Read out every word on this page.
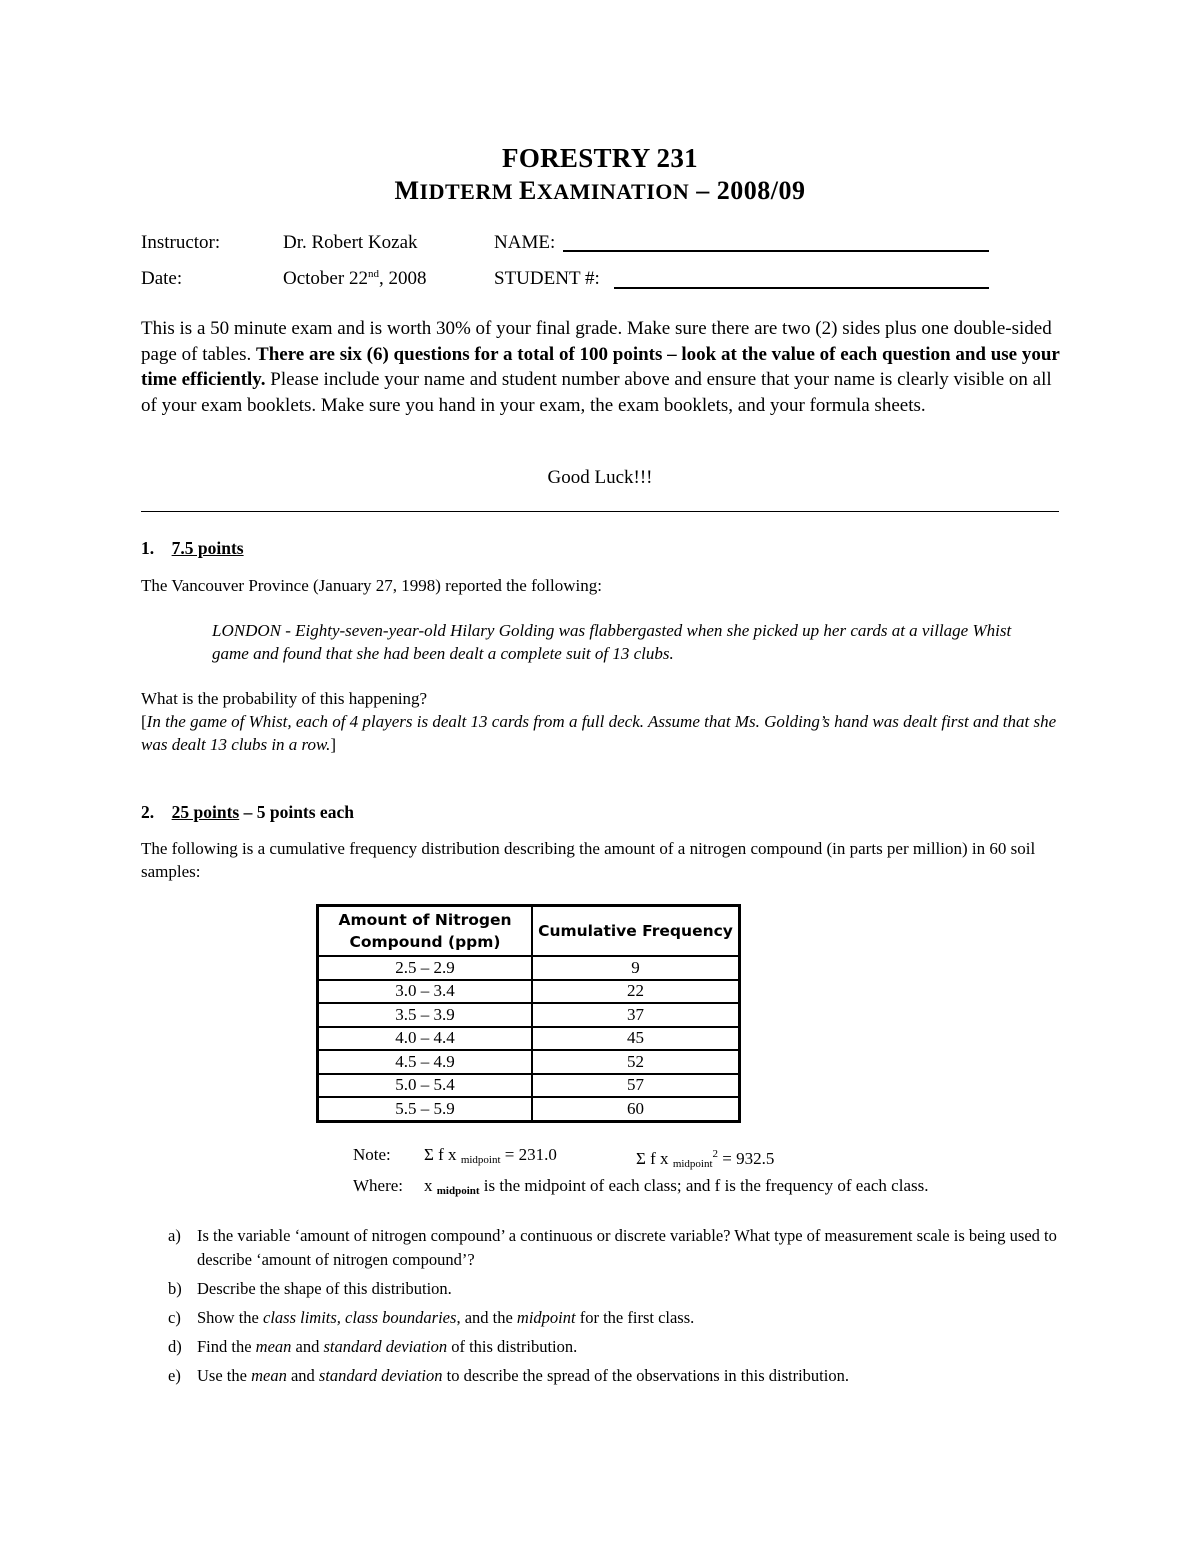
FORESTRY 231
MIDTERM EXAMINATION – 2008/09
Instructor:	Dr. Robert Kozak	NAME:
Date:	October 22nd, 2008	STUDENT #:
This is a 50 minute exam and is worth 30% of your final grade. Make sure there are two (2) sides plus one double-sided page of tables. There are six (6) questions for a total of 100 points – look at the value of each question and use your time efficiently. Please include your name and student number above and ensure that your name is clearly visible on all of your exam booklets. Make sure you hand in your exam, the exam booklets, and your formula sheets.
Good Luck!!!
1. 7.5 points
The Vancouver Province (January 27, 1998) reported the following:
LONDON - Eighty-seven-year-old Hilary Golding was flabbergasted when she picked up her cards at a village Whist game and found that she had been dealt a complete suit of 13 clubs.
What is the probability of this happening?
[In the game of Whist, each of 4 players is dealt 13 cards from a full deck. Assume that Ms. Golding’s hand was dealt first and that she was dealt 13 clubs in a row.]
2. 25 points – 5 points each
The following is a cumulative frequency distribution describing the amount of a nitrogen compound (in parts per million) in 60 soil samples:
Amount of Nitrogen Compound (ppm)	Cumulative Frequency
2.5 – 2.9	9
3.0 – 3.4	22
3.5 – 3.9	37
4.0 – 4.4	45
4.5 – 4.9	52
5.0 – 5.4	57
5.5 – 5.9	60
Note: Σ f x $_{midpoint}$ = 231.0	Σ f x $_{midpoint}^2$ = 932.5
Where: x $_{midpoint}$ is the midpoint of each class; and f is the frequency of each class.
a) Is the variable ‘amount of nitrogen compound’ a continuous or discrete variable? What type of measurement scale is being used to describe ‘amount of nitrogen compound’?
b) Describe the shape of this distribution.
c) Show the class limits, class boundaries, and the midpoint for the first class.
d) Find the mean and standard deviation of this distribution.
e) Use the mean and standard deviation to describe the spread of the observations in this distribution.
